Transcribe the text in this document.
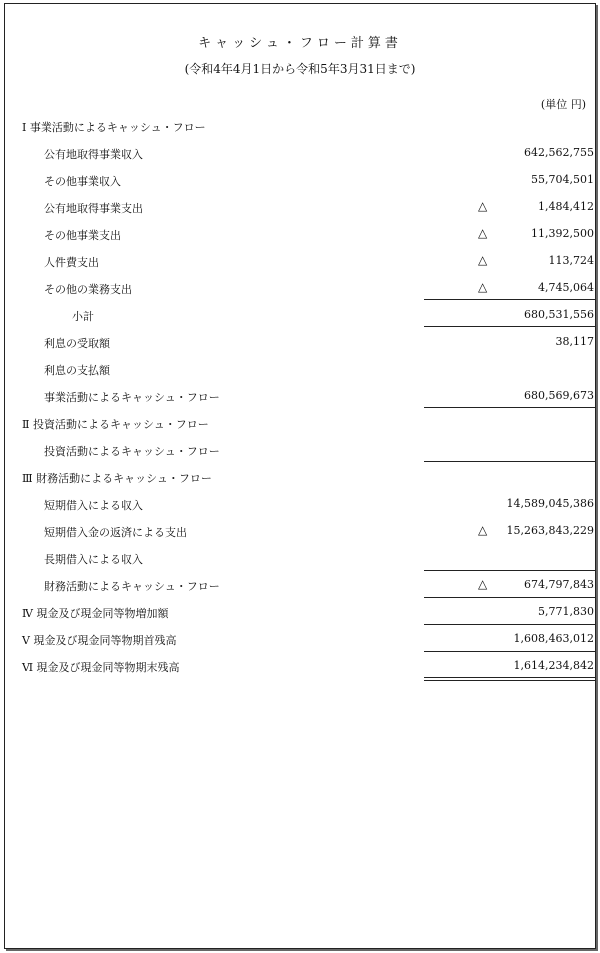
キャッシュ・フロー計算書
(令和4年4月1日から令和5年3月31日まで)
(単位 円)
Ⅰ 事業活動によるキャッシュ・フロー
公有地取得事業収入	642,562,755
その他事業収入	55,704,501
公有地取得事業支出	△	1,484,412
その他事業支出	△	11,392,500
人件費支出	△	113,724
その他の業務支出	△	4,745,064
小計	680,531,556
利息の受取額	38,117
利息の支払額
事業活動によるキャッシュ・フロー	680,569,673
Ⅱ 投資活動によるキャッシュ・フロー
投資活動によるキャッシュ・フロー
Ⅲ 財務活動によるキャッシュ・フロー
短期借入による収入	14,589,045,386
短期借入金の返済による支出	△ 15,263,843,229
長期借入による収入
財務活動によるキャッシュ・フロー	△	674,797,843
Ⅳ 現金及び現金同等物増加額	5,771,830
Ⅴ 現金及び現金同等物期首残高	1,608,463,012
Ⅵ 現金及び現金同等物期末残高	1,614,234,842
